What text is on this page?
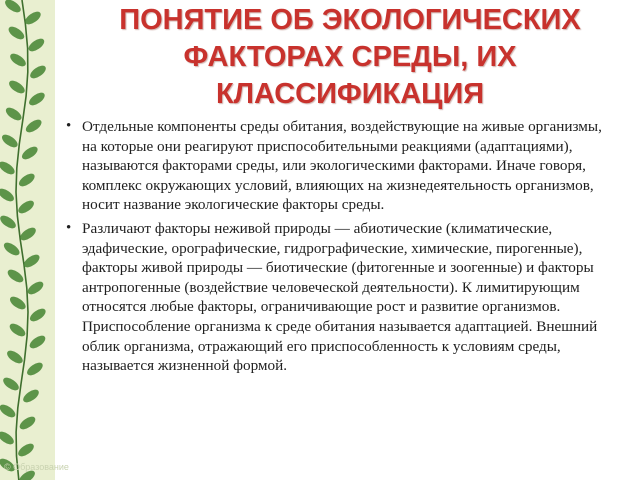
ПОНЯТИЕ ОБ ЭКОЛОГИЧЕСКИХ
ФАКТОРАХ СРЕДЫ, ИХ
КЛАССИФИКАЦИЯ
• Отдельные компоненты среды обитания, воздействующие на живые организмы, на которые они реагируют приспособительными реакциями (адаптациями), называются факторами среды, или экологическими факторами. Иначе говоря, комплекс окружающих условий, влияющих на жизнедеятельность организмов, носит название экологические факторы среды.
• Различают факторы неживой природы — абиотические (климатические, эдафические, орографические, гидрографические, химические, пирогенные), факторы живой природы — биотические (фитогенные и зоогенные) и факторы антропогенные (воздействие человеческой деятельности). К лимитирующим относятся любые факторы, ограничивающие рост и развитие организмов. Приспособление организма к среде обитания называется адаптацией. Внешний облик организма, отражающий его приспособленность к условиям среды, называется жизненной формой.
© Образование
